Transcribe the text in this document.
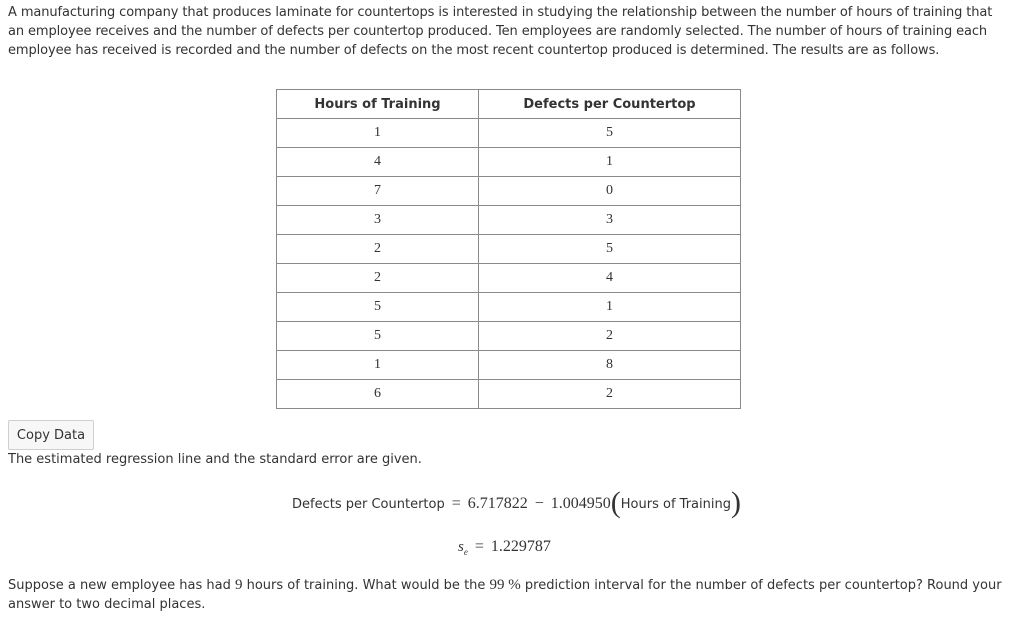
A manufacturing company that produces laminate for countertops is interested in studying the relationship between the number of hours of training that an employee receives and the number of defects per countertop produced. Ten employees are randomly selected. The number of hours of training each employee has received is recorded and the number of defects on the most recent countertop produced is determined. The results are as follows.

Hours of Training	Defects per Countertop
1	5
4	1
7	0
3	3
2	5
2	4
5	1
5	2
1	8
6	2
Copy Data

The estimated regression line and the standard error are given.

Defects per Countertop = 6.717822 − 1.004950 ( Hours of Training )
$s_e = 1.229787$

Suppose a new employee has had 9 hours of training. What would be the 99 % prediction interval for the number of defects per countertop? Round your answer to two decimal places.
